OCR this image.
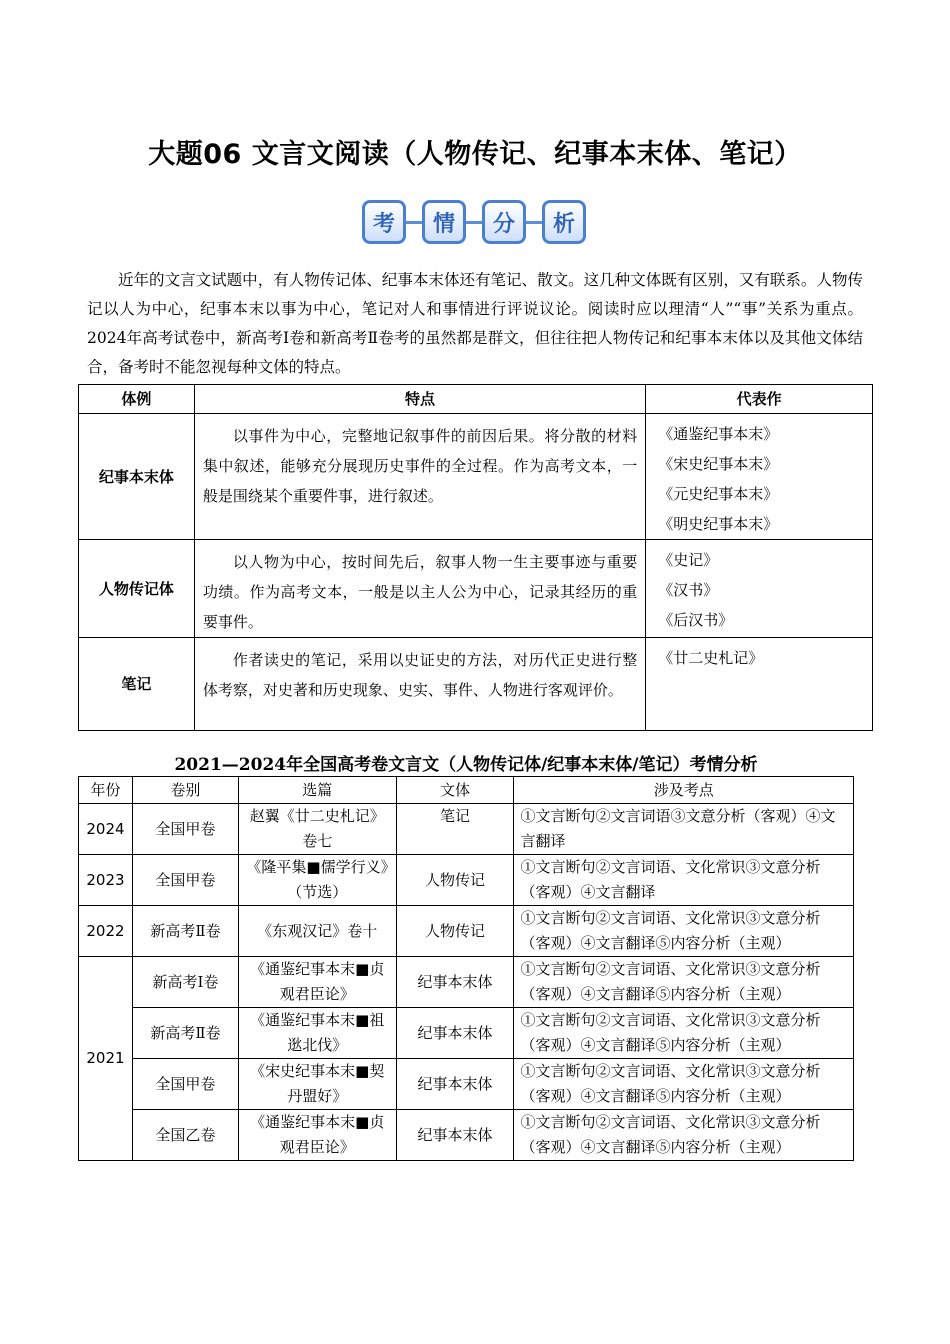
大题06 文言文阅读（人物传记、纪事本末体、笔记）
考	情	分	析
近年的文言文试题中，有人物传记体、纪事本末体还有笔记、散文。这几种文体既有区别，又有联系。人物传记以人为中心，纪事本末以事为中心，笔记对人和事情进行评说议论。阅读时应以理清“人”“事”关系为重点。2024年高考试卷中，新高考Ⅰ卷和新高考Ⅱ卷考的虽然都是群文，但往往把人物传记和纪事本末体以及其他文体结合，备考时不能忽视每种文体的特点。
体例	特点	代表作
纪事本末体	以事件为中心，完整地记叙事件的前因后果。将分散的材料集中叙述，能够充分展现历史事件的全过程。作为高考文本，一般是围绕某个重要件事，进行叙述。	《通鉴纪事本末》
《宋史纪事本末》
《元史纪事本末》
《明史纪事本末》

人物传记体	以人物为中心，按时间先后，叙事人物一生主要事迹与重要功绩。作为高考文本，一般是以主人公为中心，记录其经历的重要事件。	《史记》
《汉书》
《后汉书》

笔记	作者读史的笔记，采用以史证史的方法，对历代正史进行整体考察，对史著和历史现象、史实、事件、人物进行客观评价。	《廿二史札记》
2021—2024年全国高考卷文言文（人物传记体/纪事本末体/笔记）考情分析
年份	卷别	选篇	文体	涉及考点
2024	全国甲卷	赵翼《廿二史札记》卷七	笔记	①文言断句②文言词语③文意分析（客观）④文言翻译
2023	全国甲卷	《隆平集■儒学行义》（节选）	人物传记	①文言断句②文言词语、文化常识③文意分析（客观）④文言翻译
2022	新高考Ⅱ卷	《东观汉记》卷十	人物传记	①文言断句②文言词语、文化常识③文意分析（客观）④文言翻译⑤内容分析（主观）
2021	新高考Ⅰ卷	《通鉴纪事本末■贞观君臣论》	纪事本末体	①文言断句②文言词语、文化常识③文意分析（客观）④文言翻译⑤内容分析（主观）
	新高考Ⅱ卷	《通鉴纪事本末■祖逖北伐》	纪事本末体	①文言断句②文言词语、文化常识③文意分析（客观）④文言翻译⑤内容分析（主观）
	全国甲卷	《宋史纪事本末■契丹盟好》	纪事本末体	①文言断句②文言词语、文化常识③文意分析（客观）④文言翻译⑤内容分析（主观）
	全国乙卷	《通鉴纪事本末■贞观君臣论》	纪事本末体	①文言断句②文言词语、文化常识③文意分析（客观）④文言翻译⑤内容分析（主观）
